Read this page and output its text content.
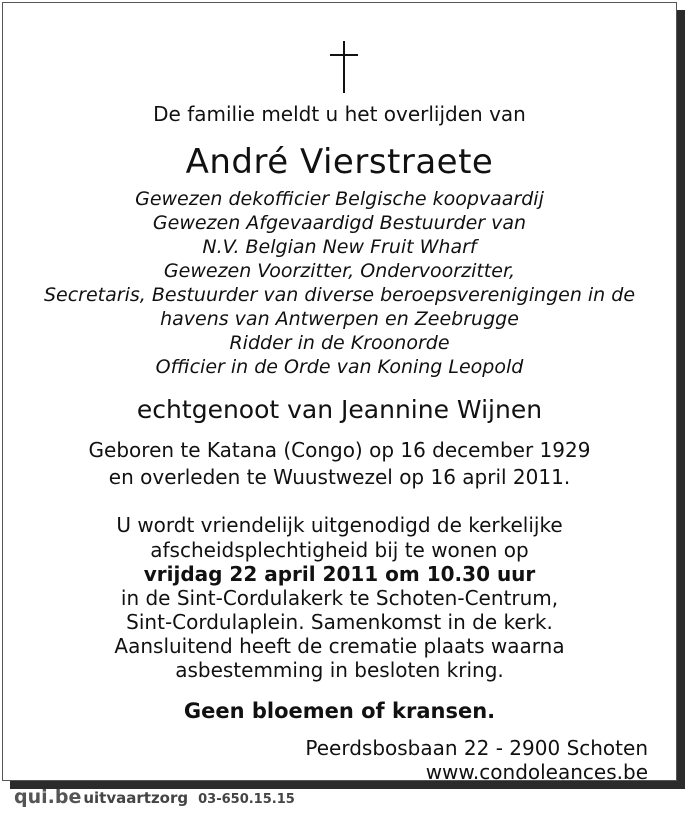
De familie meldt u het overlijden van
André Vierstraete
Gewezen dekofficier Belgische koopvaardij
Gewezen Afgevaardigd Bestuurder van
N.V. Belgian New Fruit Wharf
Gewezen Voorzitter, Ondervoorzitter,
Secretaris, Bestuurder van diverse beroepsverenigingen in de
havens van Antwerpen en Zeebrugge
Ridder in de Kroonorde
Officier in de Orde van Koning Leopold
echtgenoot van Jeannine Wijnen
Geboren te Katana (Congo) op 16 december 1929
en overleden te Wuustwezel op 16 april 2011.
U wordt vriendelijk uitgenodigd de kerkelijke
afscheidsplechtigheid bij te wonen op
vrijdag 22 april 2011 om 10.30 uur
in de Sint-Cordulakerk te Schoten-Centrum,
Sint-Cordulaplein. Samenkomst in de kerk.
Aansluitend heeft de crematie plaats waarna
asbestemming in besloten kring.
Geen bloemen of kransen.
Peerdsbosbaan 22 - 2900 Schoten
www.condoleances.be
qui.be uitvaartzorg 03-650.15.15
